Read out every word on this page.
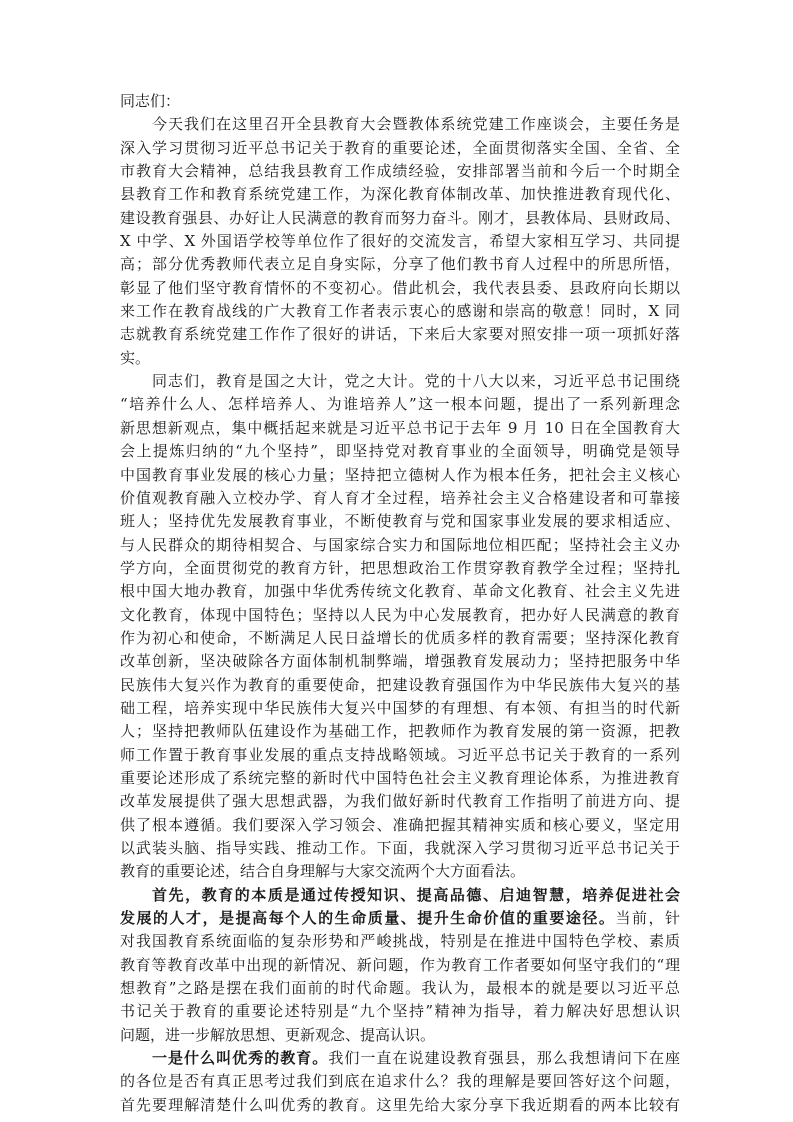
同志们：
今天我们在这里召开全县教育大会暨教体系统党建工作座谈会，主要任务是
深入学习贯彻习近平总书记关于教育的重要论述，全面贯彻落实全国、全省、全
市教育大会精神，总结我县教育工作成绩经验，安排部署当前和今后一个时期全
县教育工作和教育系统党建工作，为深化教育体制改革、加快推进教育现代化、
建设教育强县、办好让人民满意的教育而努力奋斗。刚才，县教体局、县财政局、
X 中学、X 外国语学校等单位作了很好的交流发言，希望大家相互学习、共同提
高；部分优秀教师代表立足自身实际，分享了他们教书育人过程中的所思所悟，
彰显了他们坚守教育情怀的不变初心。借此机会，我代表县委、县政府向长期以
来工作在教育战线的广大教育工作者表示衷心的感谢和崇高的敬意！同时，X 同
志就教育系统党建工作作了很好的讲话，下来后大家要对照安排一项一项抓好落
实。
同志们，教育是国之大计，党之大计。党的十八大以来，习近平总书记围绕
“培养什么人、怎样培养人、为谁培养人”这一根本问题，提出了一系列新理念
新思想新观点，集中概括起来就是习近平总书记于去年 9 月 10 日在全国教育大
会上提炼归纳的“九个坚持”，即坚持党对教育事业的全面领导，明确党是领导
中国教育事业发展的核心力量；坚持把立德树人作为根本任务，把社会主义核心
价值观教育融入立校办学、育人育才全过程，培养社会主义合格建设者和可靠接
班人；坚持优先发展教育事业，不断使教育与党和国家事业发展的要求相适应、
与人民群众的期待相契合、与国家综合实力和国际地位相匹配；坚持社会主义办
学方向，全面贯彻党的教育方针，把思想政治工作贯穿教育教学全过程；坚持扎
根中国大地办教育，加强中华优秀传统文化教育、革命文化教育、社会主义先进
文化教育，体现中国特色；坚持以人民为中心发展教育，把办好人民满意的教育
作为初心和使命，不断满足人民日益增长的优质多样的教育需要；坚持深化教育
改革创新，坚决破除各方面体制机制弊端，增强教育发展动力；坚持把服务中华
民族伟大复兴作为教育的重要使命，把建设教育强国作为中华民族伟大复兴的基
础工程，培养实现中华民族伟大复兴中国梦的有理想、有本领、有担当的时代新
人；坚持把教师队伍建设作为基础工作，把教师作为教育发展的第一资源，把教
师工作置于教育事业发展的重点支持战略领域。习近平总书记关于教育的一系列
重要论述形成了系统完整的新时代中国特色社会主义教育理论体系，为推进教育
改革发展提供了强大思想武器，为我们做好新时代教育工作指明了前进方向、提
供了根本遵循。我们要深入学习领会、准确把握其精神实质和核心要义，坚定用
以武装头脑、指导实践、推动工作。下面，我就深入学习贯彻习近平总书记关于
教育的重要论述，结合自身理解与大家交流两个大方面看法。
首先，教育的本质是通过传授知识、提高品德、启迪智慧，培养促进社会
发展的人才，是提高每个人的生命质量、提升生命价值的重要途径。当前，针
对我国教育系统面临的复杂形势和严峻挑战，特别是在推进中国特色学校、素质
教育等教育改革中出现的新情况、新问题，作为教育工作者要如何坚守我们的“理
想教育”之路是摆在我们面前的时代命题。我认为，最根本的就是要以习近平总
书记关于教育的重要论述特别是“九个坚持”精神为指导，着力解决好思想认识
问题，进一步解放思想、更新观念、提高认识。
一是什么叫优秀的教育。我们一直在说建设教育强县，那么我想请问下在座
的各位是否有真正思考过我们到底在追求什么？我的理解是要回答好这个问题，
首先要理解清楚什么叫优秀的教育。这里先给大家分享下我近期看的两本比较有
